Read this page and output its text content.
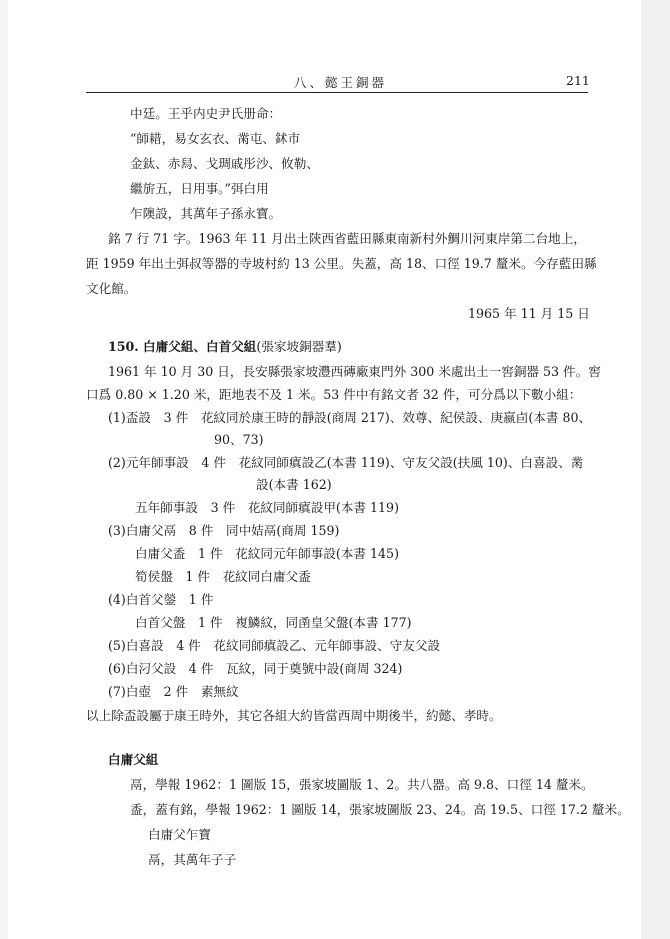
八、懿王銅器	211
中廷。王乎内史尹氏册命：
“師耤，易女玄衣、黹屯、鉥市
金鈦、赤舄、戈琱戚彤沙、攸勒、
繼旂五，日用事。”弭白用
乍隩設，其萬年子孫永寶。
銘 7 行 71 字。1963 年 11 月出土陝西省藍田縣東南新村外鯛川河東岸第二台地上，
距 1959 年出土弭叔等器的寺坡村約 13 公里。失蓋，高 18、口徑 19.7 釐米。今存藍田縣
文化館。
1965 年 11 月 15 日
150. 白庸父組、白首父組(張家坡銅器羣)
1961 年 10 月 30 日，長安縣張家坡灃西磚廠東門外 300 米處出土一窖銅器 53 件。窖
口爲 0.80 × 1.20 米，距地表不及 1 米。53 件中有銘文者 32 件，可分爲以下數小組：
(1)盃設　3 件　花紋同於康王時的靜設(商周 217)、效尊、紀侯設、庚嬴卣(本書 80、
90、73)
(2)元年師事設　4 件　花紋同師瘨設乙(本書 119)、守友父設(扶風 10)、白喜設、黹
設(本書 162)
五年師事設　3 件　花紋同師瘨設甲(本書 119)
(3)白庸父鬲　8 件　同中姞鬲(商周 159)
白庸父盉　1 件　花紋同元年師事設(本書 145)
筍侯盤　1 件　花紋同白庸父盉
(4)白首父鎣　1 件
白首父盤　1 件　複鱗紋，同圅皇父盤(本書 177)
(5)白喜設　4 件　花紋同師瘨設乙、元年師事設、守友父設
(6)白汈父設　4 件　瓦紋，同于奠號中設(商周 324)
(7)白壺　2 件　素無紋
以上除盃設屬于康王時外，其它各組大約皆當西周中期後半，約懿、孝時。
白庸父組
鬲，學報 1962：1 圖版 15，張家坡圖版 1、2。共八器。高 9.8、口徑 14 釐米。
盉，蓋有銘，學報 1962：1 圖版 14，張家坡圖版 23、24。高 19.5、口徑 17.2 釐米。
白庸父乍寶
鬲，其萬年子子
